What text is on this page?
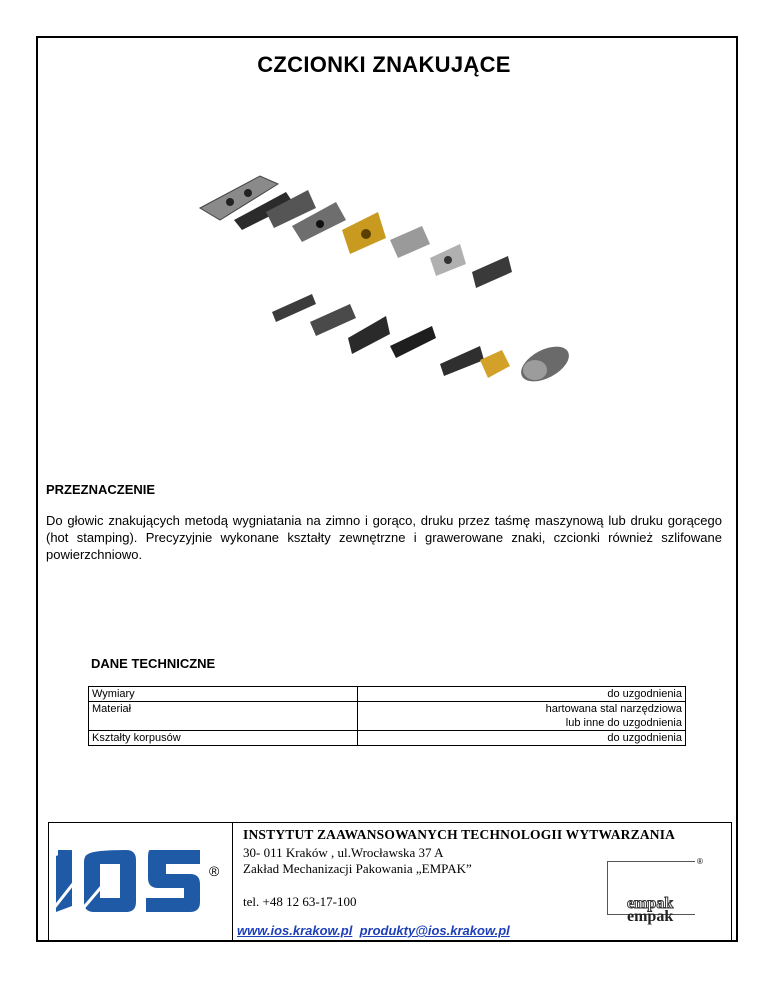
CZCIONKI ZNAKUJĄCE
PRZEZNACZENIE
Do głowic znakujących metodą wygniatania na zimno i gorąco, druku przez taśmę maszynową lub druku gorącego (hot stamping). Precyzyjnie wykonane kształty zewnętrzne i grawerowane znaki, czcionki również szlifowane powierzchniowo.
DANE TECHNICZNE
Wymiary	do uzgodnienia
Materiał	hartowana stal narzędziowa
lub inne do uzgodnienia

Kształty korpusów	do uzgodnienia
®
INSTYTUT ZAAWANSOWANYCH TECHNOLOGII WYTWARZANIA
30- 011 Kraków , ul.Wrocławska 37 A
Zakład Mechanizacji Pakowania „EMPAK”
tel. +48 12 63-17-100
www.ios.krakow.pl produkty@ios.krakow.pl
®
empak
empak
